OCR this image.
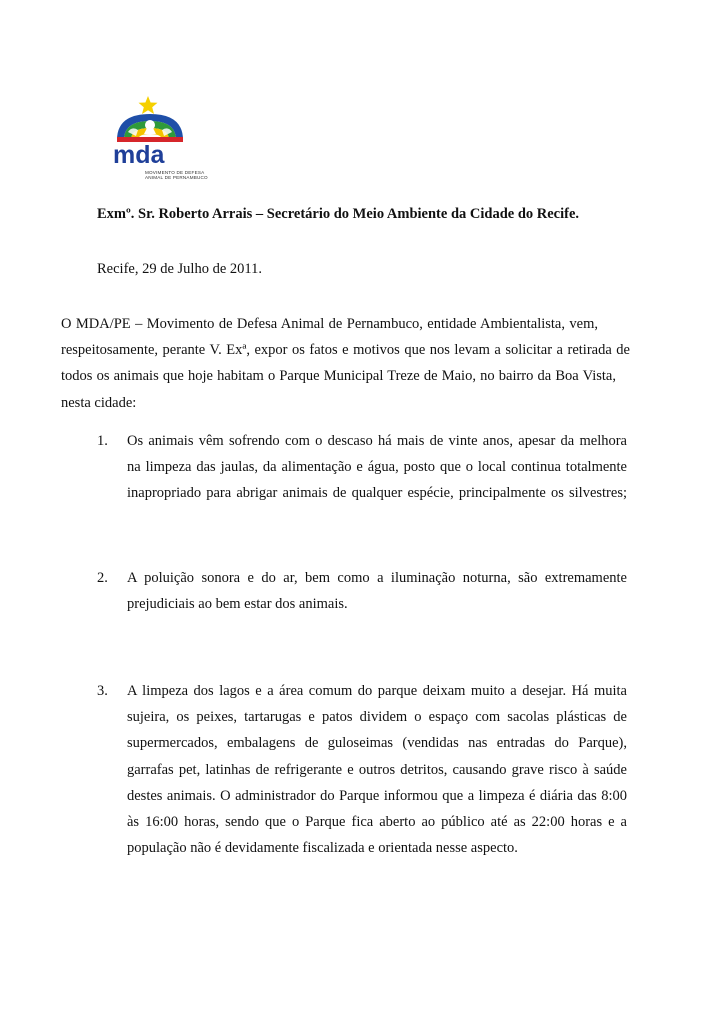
mda
MOVIMENTO DE DEFESA
ANIMAL DE PERNAMBUCO
Exmº. Sr. Roberto Arrais – Secretário do Meio Ambiente da Cidade do Recife.
Recife, 29 de Julho de 2011.
O MDA/PE – Movimento de Defesa Animal de Pernambuco, entidade Ambientalista, vem,
respeitosamente, perante V. Exª, expor os fatos e motivos que nos levam a solicitar a retirada de
todos os animais que hoje habitam o Parque Municipal Treze de Maio, no bairro da Boa Vista,
nesta cidade:
1. Os animais vêm sofrendo com o descaso há mais de vinte anos, apesar da melhora
na limpeza das jaulas, da alimentação e água, posto que o local continua totalmente
inapropriado para abrigar animais de qualquer espécie, principalmente os silvestres;
2. A poluição sonora e do ar, bem como a iluminação noturna, são extremamente
prejudiciais ao bem estar dos animais.
3. A limpeza dos lagos e a área comum do parque deixam muito a desejar. Há muita
sujeira, os peixes, tartarugas e patos dividem o espaço com sacolas plásticas de
supermercados, embalagens de guloseimas (vendidas nas entradas do Parque),
garrafas pet, latinhas de refrigerante e outros detritos, causando grave risco à saúde
destes animais. O administrador do Parque informou que a limpeza é diária das 8:00
às 16:00 horas, sendo que o Parque fica aberto ao público até as 22:00 horas e a
população não é devidamente fiscalizada e orientada nesse aspecto.
